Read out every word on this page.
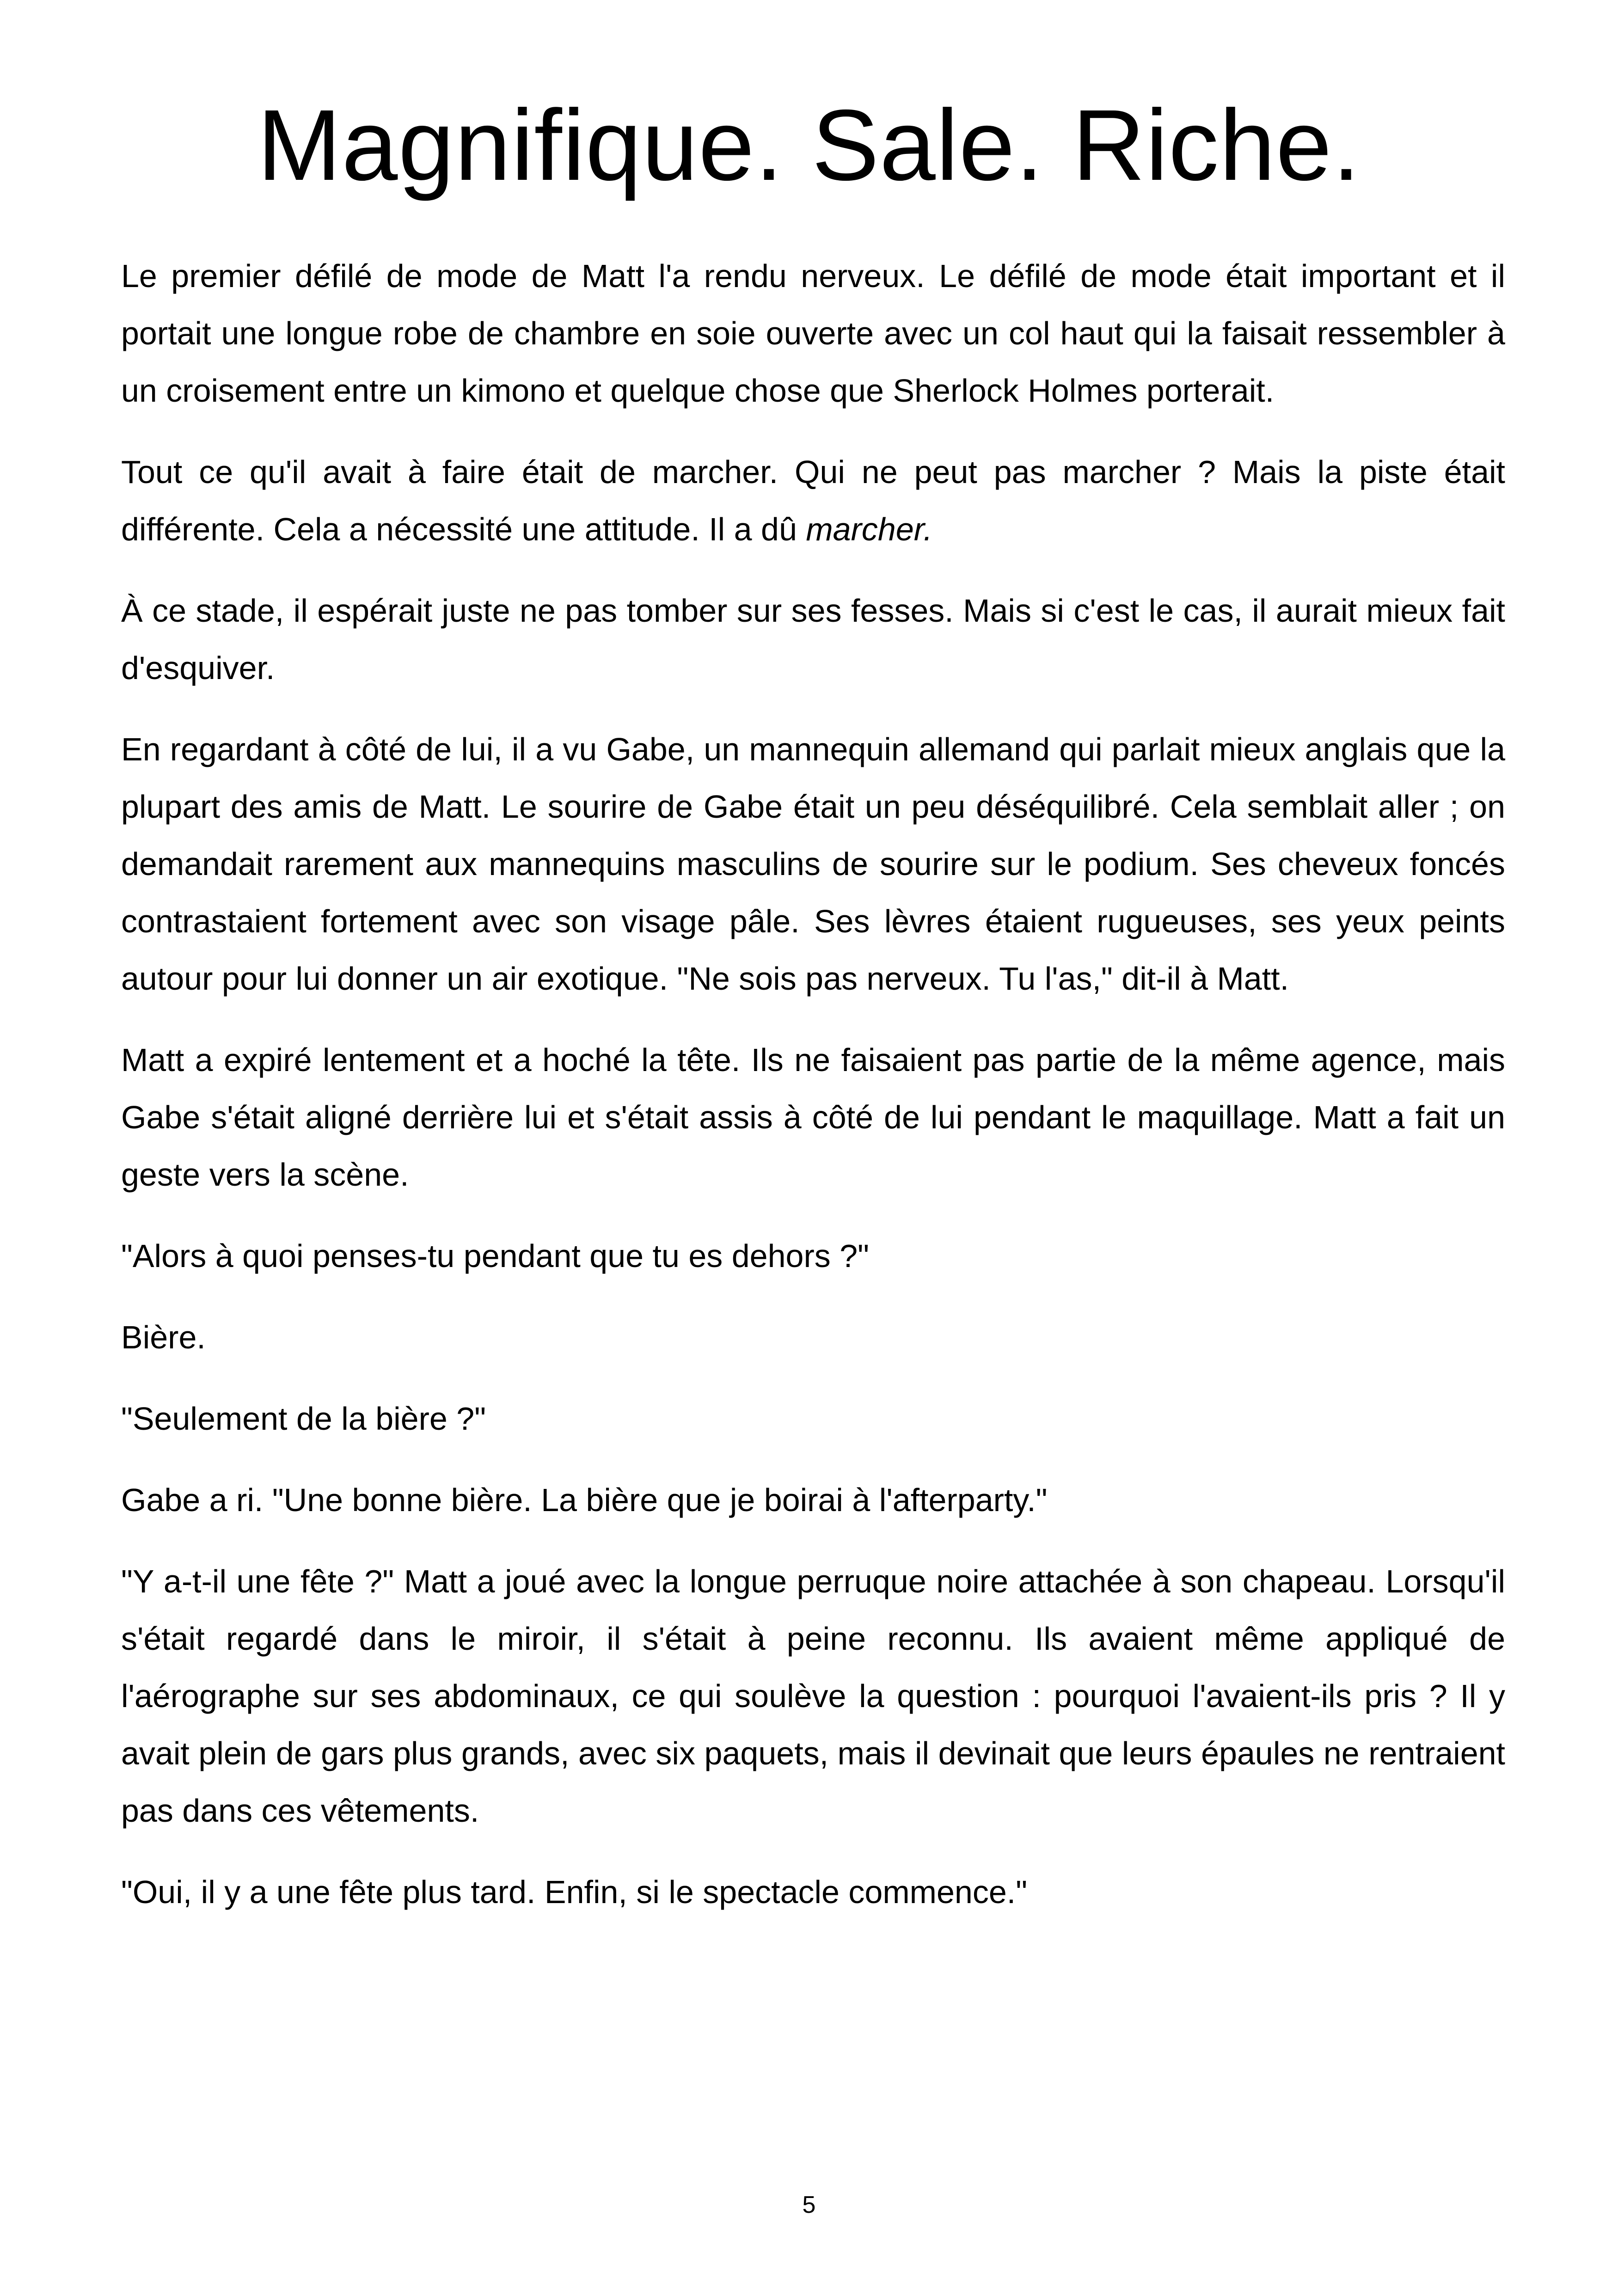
Magnifique. Sale. Riche.

Le premier défilé de mode de Matt l'a rendu nerveux. Le défilé de mode était important et il portait une longue robe de chambre en soie ouverte avec un col haut qui la faisait ressembler à un croisement entre un kimono et quelque chose que Sherlock Holmes porterait.

Tout ce qu'il avait à faire était de marcher. Qui ne peut pas marcher ? Mais la piste était différente. Cela a nécessité une attitude. Il a dû marcher.

À ce stade, il espérait juste ne pas tomber sur ses fesses. Mais si c'est le cas, il aurait mieux fait d'esquiver.

En regardant à côté de lui, il a vu Gabe, un mannequin allemand qui parlait mieux anglais que la plupart des amis de Matt. Le sourire de Gabe était un peu déséquilibré. Cela semblait aller ; on demandait rarement aux mannequins masculins de sourire sur le podium. Ses cheveux foncés contrastaient fortement avec son visage pâle. Ses lèvres étaient rugueuses, ses yeux peints autour pour lui donner un air exotique. "Ne sois pas nerveux. Tu l'as," dit-il à Matt.

Matt a expiré lentement et a hoché la tête. Ils ne faisaient pas partie de la même agence, mais Gabe s'était aligné derrière lui et s'était assis à côté de lui pendant le maquillage. Matt a fait un geste vers la scène.

"Alors à quoi penses-tu pendant que tu es dehors ?"

Bière.

"Seulement de la bière ?"

Gabe a ri. "Une bonne bière. La bière que je boirai à l'afterparty."

"Y a-t-il une fête ?" Matt a joué avec la longue perruque noire attachée à son chapeau. Lorsqu'il s'était regardé dans le miroir, il s'était à peine reconnu. Ils avaient même appliqué de l'aérographe sur ses abdominaux, ce qui soulève la question : pourquoi l'avaient-ils pris ? Il y avait plein de gars plus grands, avec six paquets, mais il devinait que leurs épaules ne rentraient pas dans ces vêtements.

"Oui, il y a une fête plus tard. Enfin, si le spectacle commence."

5
